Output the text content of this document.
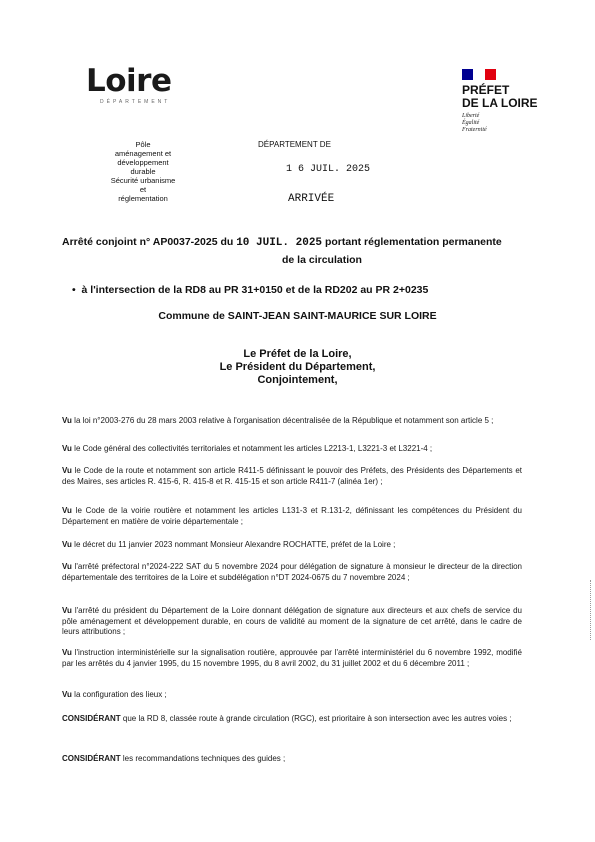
Loire
DÉPARTEMENT
PRÉFET
DE LA LOIRE
Liberté
Égalité
Fraternité
Pôle
aménagement et
développement
durable
Sécurité urbanisme et
réglementation
DÉPARTEMENT DE
1 6 JUIL. 2025
ARRIVÉE
Arrêté conjoint n° AP0037-2025 du 10 JUIL. 2025 portant réglementation permanente
de la circulation
•  à l'intersection de la RD8 au PR 31+0150 et de la RD202 au PR 2+0235
Commune de SAINT-JEAN SAINT-MAURICE SUR LOIRE
Le Préfet de la Loire,
Le Président du Département,
Conjointement,
Vu la loi n°2003-276 du 28 mars 2003 relative à l'organisation décentralisée de la République et notamment son article 5 ;
Vu le Code général des collectivités territoriales et notamment les articles L2213-1, L3221-3 et L3221-4 ;
Vu le Code de la route et notamment son article R411-5 définissant le pouvoir des Préfets, des Présidents des Départements et des Maires, ses articles R. 415-6, R. 415-8 et R. 415-15 et son article R411-7 (alinéa 1er) ;
Vu le Code de la voirie routière et notamment les articles L131-3 et R.131-2, définissant les compétences du Président du Département en matière de voirie départementale ;
Vu le décret du 11 janvier 2023 nommant Monsieur Alexandre ROCHATTE, préfet de la Loire ;
Vu l'arrêté préfectoral n°2024-222 SAT du 5 novembre 2024 pour délégation de signature à monsieur le directeur de la direction départementale des territoires de la Loire et subdélégation n°DT 2024-0675 du 7 novembre 2024 ;
Vu l'arrêté du président du Département de la Loire donnant délégation de signature aux directeurs et aux chefs de service du pôle aménagement et développement durable, en cours de validité au moment de la signature de cet arrêté, dans le cadre de leurs attributions ;
Vu l'instruction interministérielle sur la signalisation routière, approuvée par l'arrêté interministériel du 6 novembre 1992, modifié par les arrêtés du 4 janvier 1995, du 15 novembre 1995, du 8 avril 2002, du 31 juillet 2002 et du 6 décembre 2011 ;
Vu la configuration des lieux ;
CONSIDÉRANT que la RD 8, classée route à grande circulation (RGC), est prioritaire à son intersection avec les autres voies ;
CONSIDÉRANT les recommandations techniques des guides ;
